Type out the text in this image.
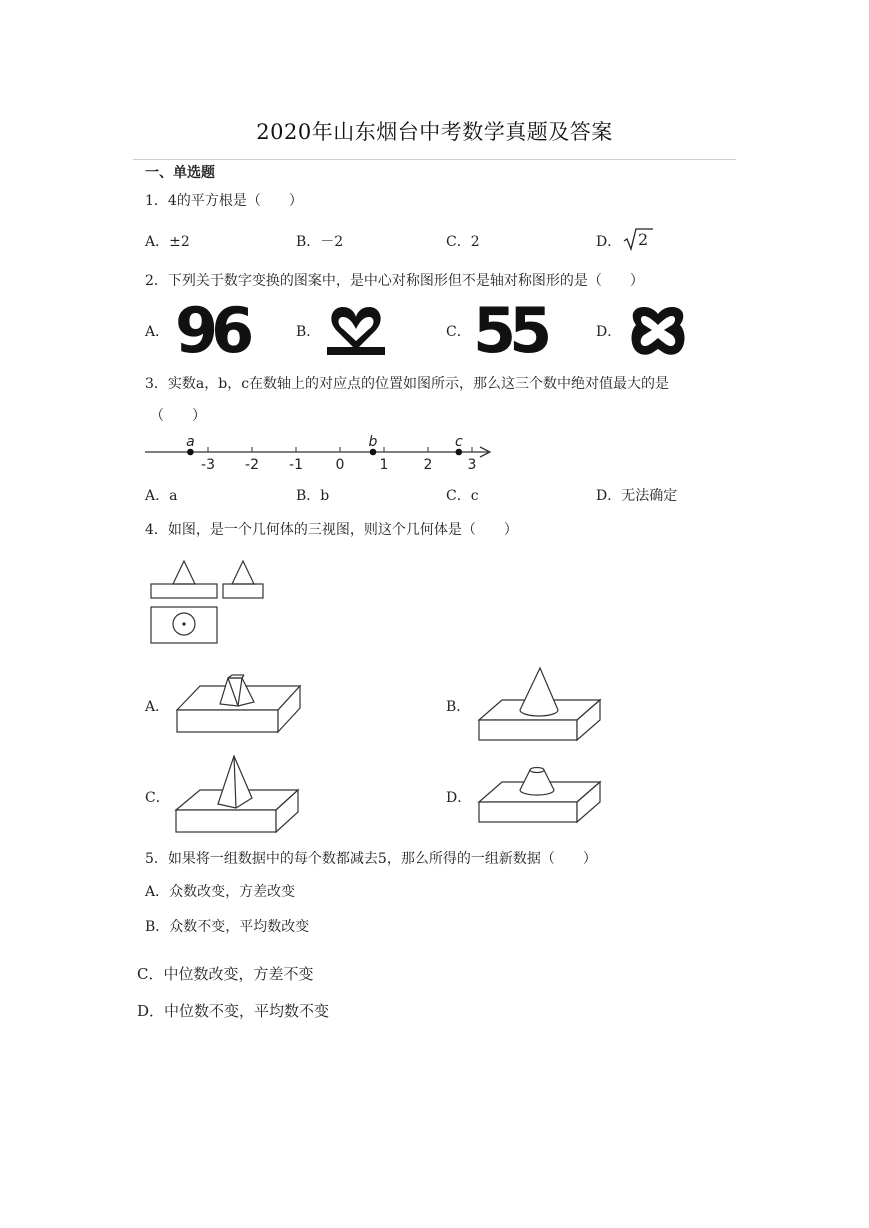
2020年山东烟台中考数学真题及答案
一、单选题
1．4的平方根是（　　）
A．±2	B．－2	C．2	D． 2
2．下列关于数字变换的图案中，是中心对称图形但不是轴对称图形的是（　　）
A． 96	B．	C． 55	D．
3．实数a，b，c在数轴上的对应点的位置如图所示，那么这三个数中绝对值最大的是
（　　）
-3 -2 -1 0	1	2	3
a	b	c
A．a	B．b	C．c	D．无法确定
4．如图，是一个几何体的三视图，则这个几何体是（　　）
A．	B．
C．	D．
5．如果将一组数据中的每个数都减去5，那么所得的一组新数据（　　）
A．众数改变，方差改变
B．众数不变，平均数改变
C．中位数改变，方差不变
D．中位数不变，平均数不变
